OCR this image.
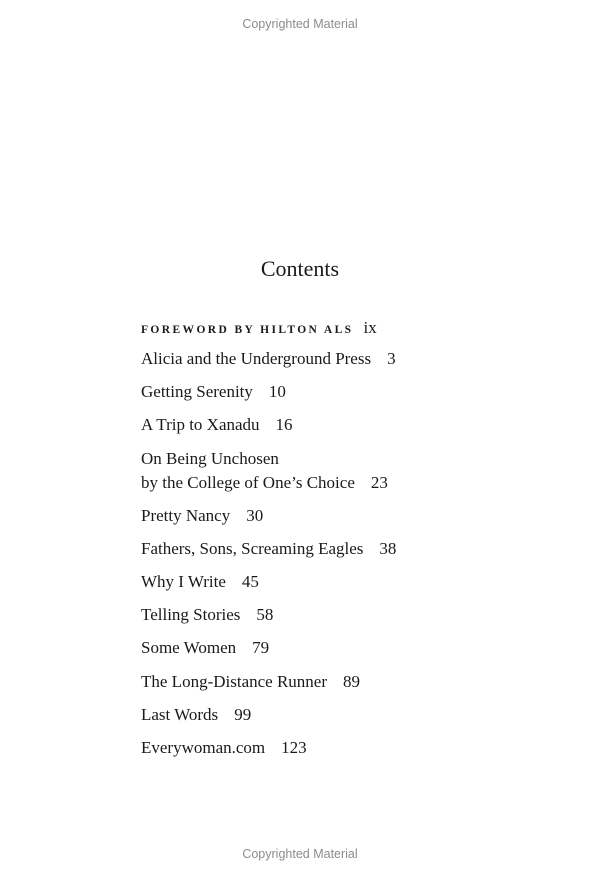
Copyrighted Material
Contents
FOREWORD BY HILTON ALS ix
Alicia and the Underground Press 3
Getting Serenity 10
A Trip to Xanadu 16
On Being Unchosen
by the College of One’s Choice 23
Pretty Nancy 30
Fathers, Sons, Screaming Eagles 38
Why I Write 45
Telling Stories 58
Some Women 79
The Long-Distance Runner 89
Last Words 99
Everywoman.com 123
Copyrighted Material
